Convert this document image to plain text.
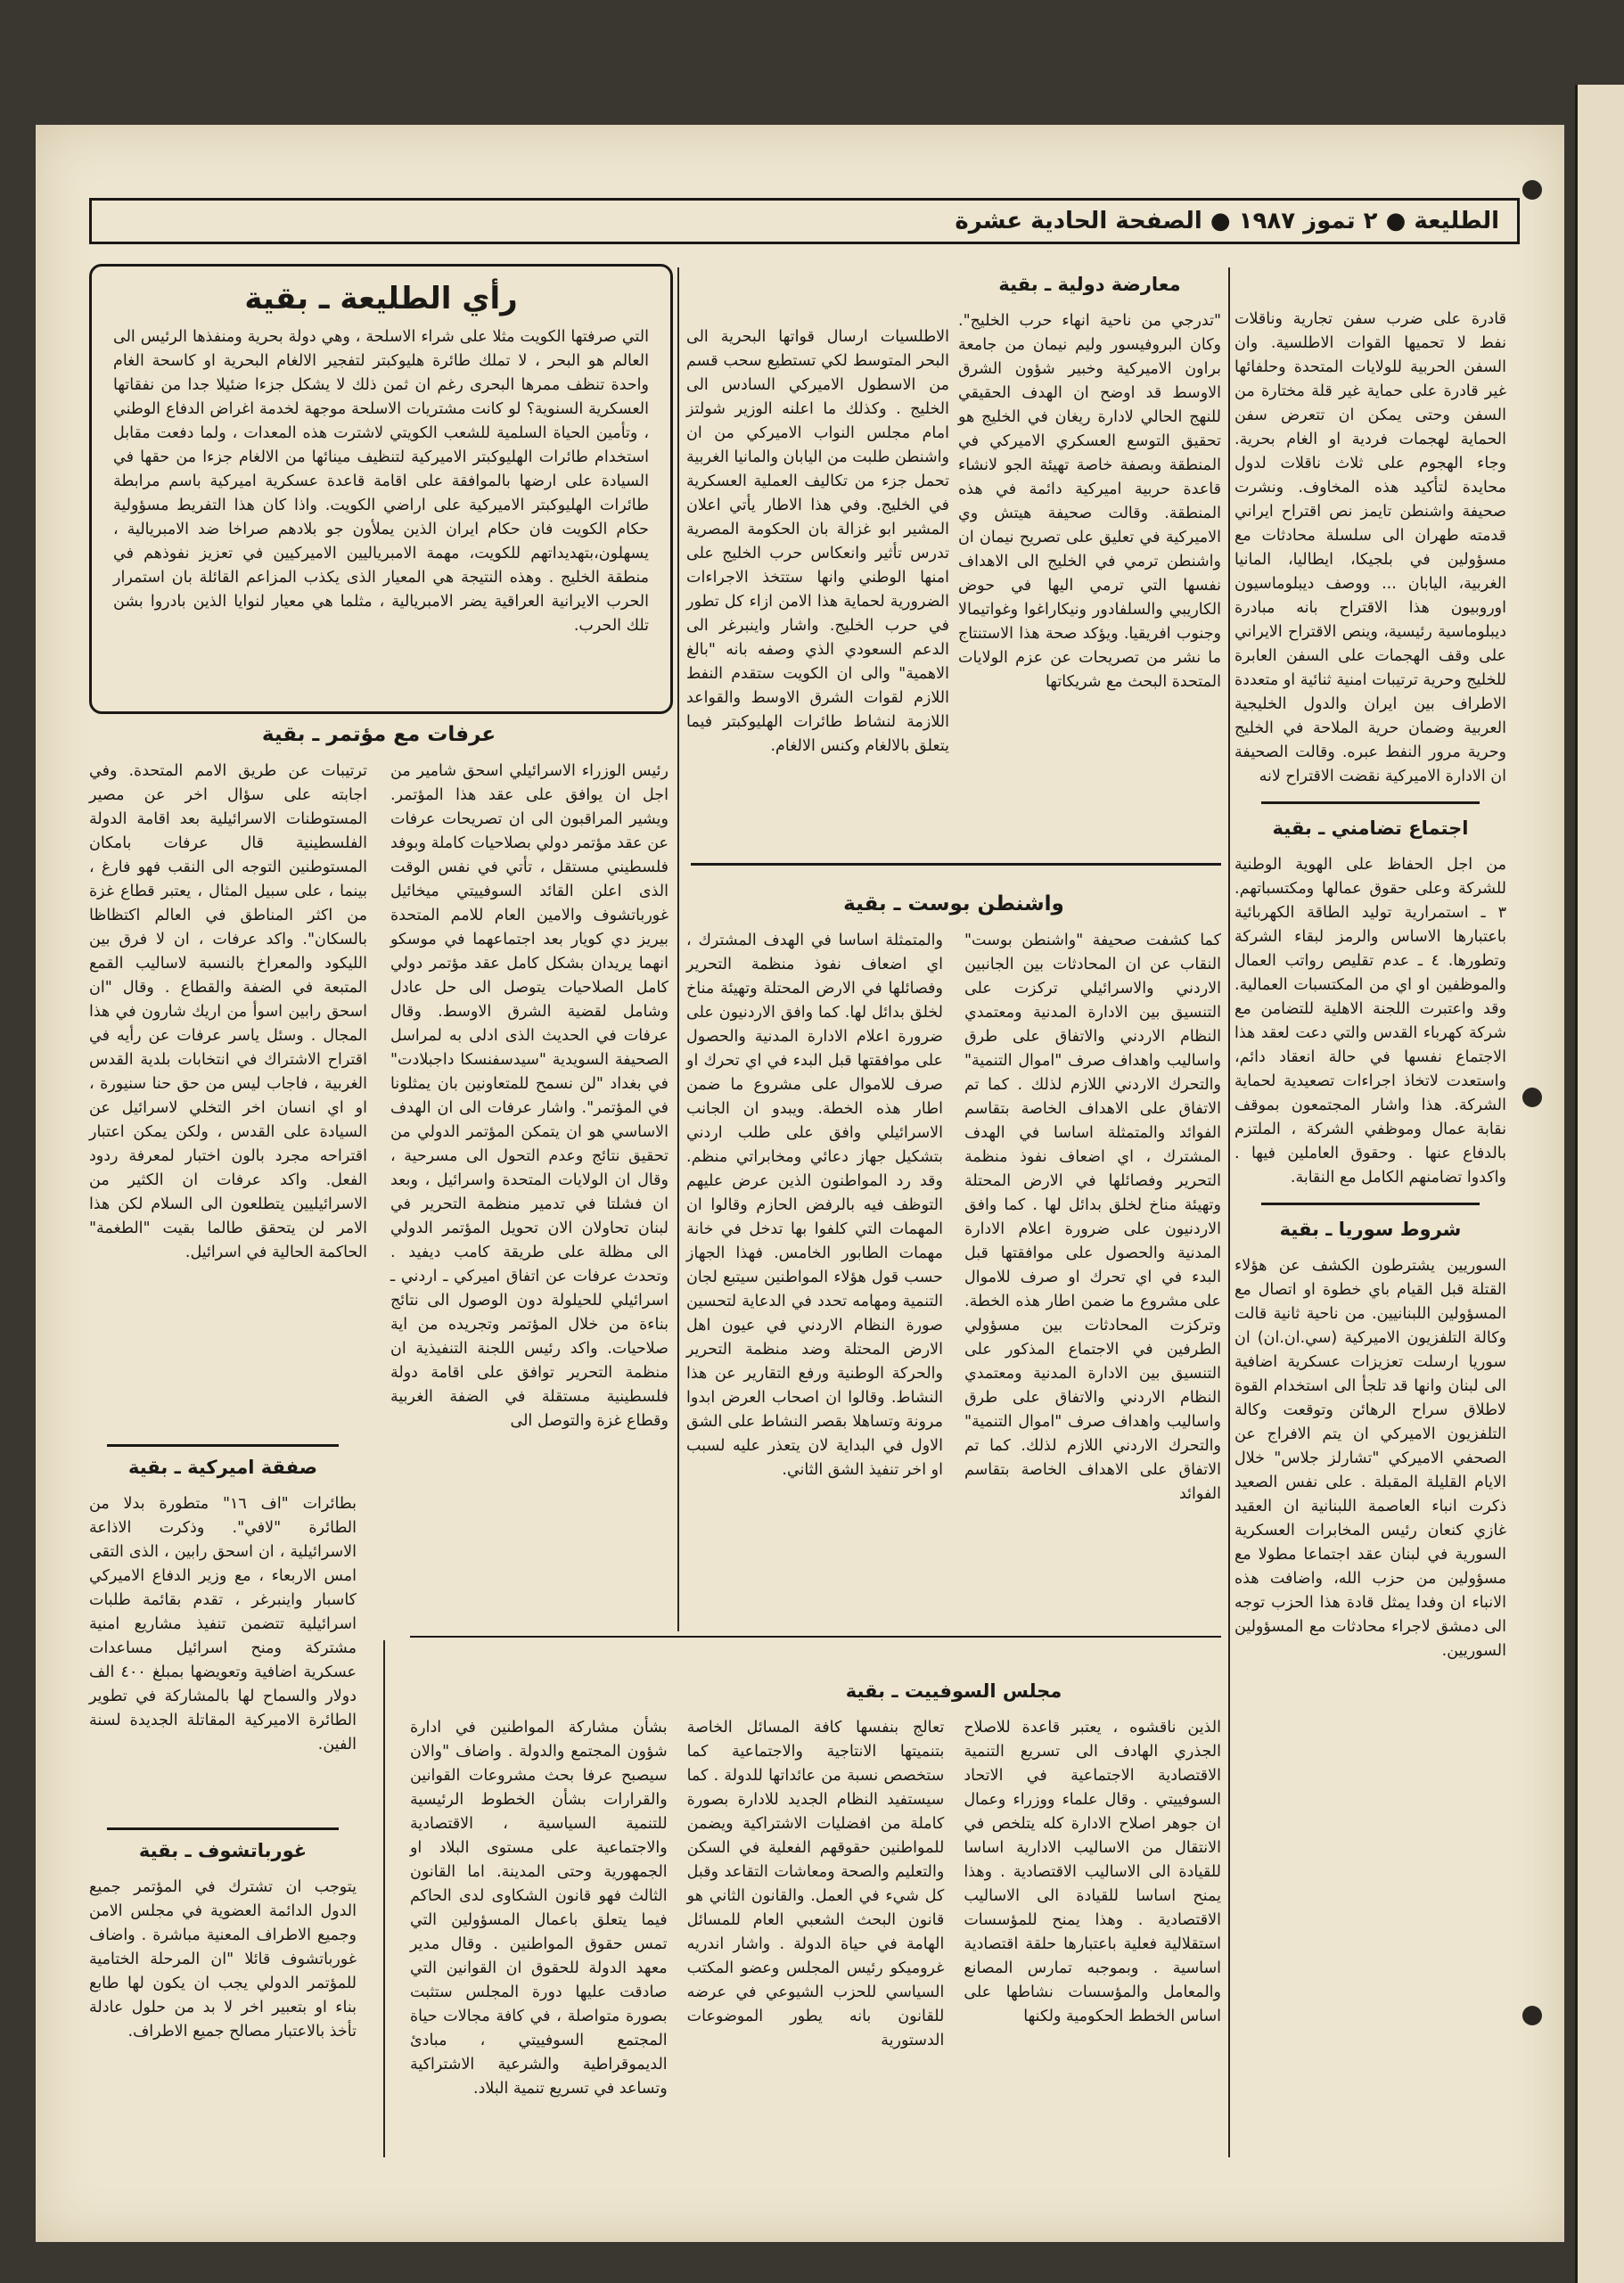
الطليعة ● ٢ تموز ١٩٨٧ ● الصفحة الحادية عشرة
رأي الطليعة ـ بقية

التي صرفتها الكويت مثلا على شراء الاسلحة ، وهي دولة بحرية ومنفذها الرئيس الى العالم هو البحر ، لا تملك طائرة هليوكبتر لتفجير الالغام البحرية او كاسحة الغام واحدة تنظف ممرها البحرى رغم ان ثمن ذلك لا يشكل جزءا ضئيلا جدا من نفقاتها العسكرية السنوية؟ لو كانت مشتريات الاسلحة موجهة لخدمة اغراض الدفاع الوطني ، وتأمين الحياة السلمية للشعب الكويتي لاشترت هذه المعدات ، ولما دفعت مقابل استخدام طائرات الهليوكبتر الاميركية لتنظيف مينائها من الالغام جزءا من حقها في السيادة على ارضها بالموافقة على اقامة قاعدة عسكرية اميركية باسم مرابطة طائرات الهليوكبتر الاميركية على اراضي الكويت. واذا كان هذا التفريط مسؤولية حكام الكويت فان حكام ايران الذين يملأون جو بلادهم صراخا ضد الامبريالية ، يسهلون،بتهديداتهم للكويت، مهمة الامبرياليين الاميركيين في تعزيز نفوذهم في منطقة الخليج . وهذه النتيجة هي المعيار الذى يكذب المزاعم القائلة بان استمرار الحرب الايرانية العراقية يضر الامبريالية ، مثلما هي معيار لنوايا الذين بادروا بشن تلك الحرب.

قادرة على ضرب سفن تجارية وناقلات نفط لا تحميها القوات الاطلسية. وان السفن الحربية للولايات المتحدة وحلفائها غير قادرة على حماية غير قلة مختارة من السفن وحتى يمكن ان تتعرض سفن الحماية لهجمات فردية او الغام بحرية. وجاء الهجوم على ثلاث ناقلات لدول محايدة لتأكيد هذه المخاوف. ونشرت صحيفة واشنطن تايمز نص اقتراح ايراني قدمته طهران الى سلسلة محادثات مع مسؤولين في بلجيكا، ايطاليا، المانيا الغربية، اليابان ... ووصف ديبلوماسيون اوروبيون هذا الاقتراح بانه مبادرة ديبلوماسية رئيسية، وينص الاقتراح الايراني على وقف الهجمات على السفن العابرة للخليج وحرية ترتيبات امنية ثنائية او متعددة الاطراف بين ايران والدول الخليجية العربية وضمان حرية الملاحة في الخليج وحرية مرور النفط عبره. وقالت الصحيفة ان الادارة الاميركية نقضت الاقتراح لانه

اجتماع تضامني ـ بقية

من اجل الحفاظ على الهوية الوطنية للشركة وعلى حقوق عمالها ومكتسباتهم. ٣ ـ استمرارية توليد الطاقة الكهربائية باعتبارها الاساس والرمز لبقاء الشركة وتطورها. ٤ ـ عدم تقليص رواتب العمال والموظفين او اي من المكتسبات العمالية. وقد واعتبرت اللجنة الاهلية للتضامن مع شركة كهرباء القدس والتي دعت لعقد هذا الاجتماع نفسها في حالة انعقاد دائم، واستعدت لاتخاذ اجراءات تصعيدية لحماية الشركة. هذا واشار المجتمعون بموقف نقابة عمال وموظفي الشركة ، الملتزم بالدفاع عنها . وحقوق العاملين فيها . واكدوا تضامنهم الكامل مع النقابة.

شروط سوريا ـ بقية

السوريين يشترطون الكشف عن هؤلاء القتلة قبل القيام باي خطوة او اتصال مع المسؤولين اللبنانيين. من ناحية ثانية قالت وكالة التلفزيون الاميركية (سي.ان.ان) ان سوريا ارسلت تعزيزات عسكرية اضافية الى لبنان وانها قد تلجأ الى استخدام القوة لاطلاق سراح الرهائن وتوقعت وكالة التلفزيون الاميركي ان يتم الافراج عن الصحفي الاميركي "تشارلز جلاس" خلال الايام القليلة المقبلة . على نفس الصعيد ذكرت انباء العاصمة اللبنانية ان العقيد غازي كنعان رئيس المخابرات العسكرية السورية في لبنان عقد اجتماعا مطولا مع مسؤولين من حزب الله، واضافت هذه الانباء ان وفدا يمثل قادة هذا الحزب توجه الى دمشق لاجراء محادثات مع المسؤولين السوريين.

معارضة دولية ـ بقية

"تدرجي من ناحية انهاء حرب الخليج". وكان البروفيسور وليم نيمان من جامعة براون الاميركية وخبير شؤون الشرق الاوسط قد اوضح ان الهدف الحقيقي للنهج الحالي لادارة ريغان في الخليج هو تحقيق التوسع العسكري الاميركي في المنطقة وبصفة خاصة تهيئة الجو لانشاء قاعدة حربية اميركية دائمة في هذه المنطقة. وقالت صحيفة هيتش وي الاميركية في تعليق على تصريح نيمان ان واشنطن ترمي في الخليج الى الاهداف نفسها التي ترمي اليها في حوض الكاريبي والسلفادور ونيكاراغوا وغواتيمالا وجنوب افريقيا. ويؤكد صحة هذا الاستنتاج ما نشر من تصريحات عن عزم الولايات المتحدة البحث مع شريكاتها

الاطلسيات ارسال قواتها البحرية الى البحر المتوسط لكي تستطيع سحب قسم من الاسطول الاميركي السادس الى الخليج . وكذلك ما اعلنه الوزير شولتز امام مجلس النواب الاميركي من ان واشنطن طلبت من اليابان والمانيا الغربية تحمل جزء من تكاليف العملية العسكرية في الخليج. وفي هذا الاطار يأتي اعلان المشير ابو غزالة بان الحكومة المصرية تدرس تأثير وانعكاس حرب الخليج على امنها الوطني وانها ستتخذ الاجراءات الضرورية لحماية هذا الامن ازاء كل تطور في حرب الخليج. واشار واينبرغر الى الدعم السعودي الذي وصفه بانه "بالغ الاهمية" والى ان الكويت ستقدم النفط اللازم لقوات الشرق الاوسط والقواعد اللازمة لنشاط طائرات الهليوكبتر فيما يتعلق بالالغام وكنس الالغام.

واشنطن بوست ـ بقية

كما كشفت صحيفة "واشنطن بوست" النقاب عن ان المحادثات بين الجانبين الاردني والاسرائيلي تركزت على التنسيق بين الادارة المدنية ومعتمدي النظام الاردني والاتفاق على طرق واساليب واهداف صرف "اموال التنمية" والتحرك الاردني اللازم لذلك . كما تم الاتفاق على الاهداف الخاصة بتقاسم الفوائد والمتمثلة اساسا في الهدف المشترك ، اي اضعاف نفوذ منظمة التحرير وفصائلها في الارض المحتلة وتهيئة مناخ لخلق بدائل لها . كما وافق الاردنيون على ضرورة اعلام الادارة المدنية والحصول على موافقتها قبل البدء في اي تحرك او صرف للاموال على مشروع ما ضمن اطار هذه الخطة. وتركزت المحادثات بين مسؤولي الطرفين في الاجتماع المذكور على التنسيق بين الادارة المدنية ومعتمدي النظام الاردني والاتفاق على طرق واساليب واهداف صرف "اموال التنمية" والتحرك الاردني اللازم لذلك. كما تم الاتفاق على الاهداف الخاصة بتقاسم الفوائد

والمتمثلة اساسا في الهدف المشترك ، اي اضعاف نفوذ منظمة التحرير وفصائلها في الارض المحتلة وتهيئة مناخ لخلق بدائل لها. كما وافق الاردنيون على ضرورة اعلام الادارة المدنية والحصول على موافقتها قبل البدء في اي تحرك او صرف للاموال على مشروع ما ضمن اطار هذه الخطة. ويبدو ان الجانب الاسرائيلي وافق على طلب اردني بتشكيل جهاز دعائي ومخابراتي منظم. وقد رد المواطنون الذين عرض عليهم التوظف فيه بالرفض الحازم وقالوا ان المهمات التي كلفوا بها تدخل في خانة مهمات الطابور الخامس. فهذا الجهاز حسب قول هؤلاء المواطنين سيتبع لجان التنمية ومهامه تحدد في الدعاية لتحسين صورة النظام الاردني في عيون اهل الارض المحتلة وضد منظمة التحرير والحركة الوطنية ورفع التقارير عن هذا النشاط. وقالوا ان اصحاب العرض ابدوا مرونة وتساهلا بقصر النشاط على الشق الاول في البداية لان يتعذر عليه لسبب او اخر تنفيذ الشق الثاني.

مجلس السوفييت ـ بقية

الذين ناقشوه ، يعتبر قاعدة للاصلاح الجذري الهادف الى تسريع التنمية الاقتصادية الاجتماعية في الاتحاد السوفييتي . وقال علماء ووزراء وعمال ان جوهر اصلاح الادارة كله يتلخص في الانتقال من الاساليب الادارية اساسا للقيادة الى الاساليب الاقتصادية . وهذا يمنح اساسا للقيادة الى الاساليب الاقتصادية . وهذا يمنح للمؤسسات استقلالية فعلية باعتبارها حلقة اقتصادية اساسية . وبموجبه تمارس المصانع والمعامل والمؤسسات نشاطها على اساس الخطط الحكومية ولكنها

تعالج بنفسها كافة المسائل الخاصة بتنميتها الانتاجية والاجتماعية كما ستخصص نسبة من عائداتها للدولة . كما سيستفيد النظام الجديد للادارة بصورة كاملة من افضليات الاشتراكية ويضمن للمواطنين حقوقهم الفعلية في السكن والتعليم والصحة ومعاشات التقاعد وقبل كل شيء في العمل. والقانون الثاني هو قانون البحث الشعبي العام للمسائل الهامة في حياة الدولة . واشار اندريه غروميكو رئيس المجلس وعضو المكتب السياسي للحزب الشيوعي في عرضه للقانون بانه يطور الموضوعات الدستورية

بشأن مشاركة المواطنين في ادارة شؤون المجتمع والدولة . واضاف "والان سيصبح عرفا بحث مشروعات القوانين والقرارات بشأن الخطوط الرئيسية للتنمية السياسية ، الاقتصادية والاجتماعية على مستوى البلاد او الجمهورية وحتى المدينة. اما القانون الثالث فهو قانون الشكاوى لدى الحاكم فيما يتعلق باعمال المسؤولين التي تمس حقوق المواطنين . وقال مدير معهد الدولة للحقوق ان القوانين التي صادقت عليها دورة المجلس ستثبت بصورة متواصلة ، في كافة مجالات حياة المجتمع السوفييتي ، مبادئ الديموقراطية والشرعية الاشتراكية وتساعد في تسريع تنمية البلاد.

عرفات مع مؤتمر ـ بقية

رئيس الوزراء الاسرائيلي اسحق شامير من اجل ان يوافق على عقد هذا المؤتمر. ويشير المراقبون الى ان تصريحات عرفات عن عقد مؤتمر دولي بصلاحيات كاملة وبوفد فلسطيني مستقل ، تأتي في نفس الوقت الذى اعلن القائد السوفييتي ميخائيل غورباتشوف والامين العام للامم المتحدة بيريز دي كويار بعد اجتماعهما في موسكو انهما يريدان بشكل كامل عقد مؤتمر دولي كامل الصلاحيات يتوصل الى حل عادل وشامل لقضية الشرق الاوسط. وقال عرفات في الحديث الذى ادلى به لمراسل الصحيفة السويدية "سيدسفنسكا داجبلادت" في بغداد "لن نسمح للمتعاونين بان يمثلونا في المؤتمر". واشار عرفات الى ان الهدف الاساسي هو ان يتمكن المؤتمر الدولي من تحقيق نتائج وعدم التحول الى مسرحية ، وقال ان الولايات المتحدة واسرائيل ، وبعد ان فشلتا في تدمير منظمة التحرير في لبنان تحاولان الان تحويل المؤتمر الدولي الى مظلة على طريقة كامب ديفيد . وتحدث عرفات عن اتفاق اميركي ـ اردني ـ اسرائيلي للحيلولة دون الوصول الى نتائج بناءة من خلال المؤتمر وتجريده من اية صلاحيات. واكد رئيس اللجنة التنفيذية ان منظمة التحرير توافق على اقامة دولة فلسطينية مستقلة في الضفة الغربية وقطاع غزة والتوصل الى

ترتيبات عن طريق الامم المتحدة. وفي اجابته على سؤال اخر عن مصير المستوطنات الاسرائيلية بعد اقامة الدولة الفلسطينية قال عرفات بامكان المستوطنين التوجه الى النقب فهو فارغ ، بينما ، على سبيل المثال ، يعتبر قطاع غزة من اكثر المناطق في العالم اكتظاظا بالسكان". واكد عرفات ، ان لا فرق بين الليكود والمعراخ بالنسبة لاساليب القمع المتبعة في الضفة والقطاع . وقال "ان اسحق رابين اسوأ من اريك شارون في هذا المجال . وسئل ياسر عرفات عن رأيه في اقتراح الاشتراك في انتخابات بلدية القدس الغربية ، فاجاب ليس من حق حنا سنيورة ، او اي انسان اخر التخلي لاسرائيل عن السيادة على القدس ، ولكن يمكن اعتبار اقتراحه مجرد بالون اختبار لمعرفة ردود الفعل. واكد عرفات ان الكثير من الاسرائيليين يتطلعون الى السلام لكن هذا الامر لن يتحقق طالما بقيت "الطغمة" الحاكمة الحالية في اسرائيل.

صفقة اميركية ـ بقية

بطائرات "اف ١٦" متطورة بدلا من الطائرة "لافي". وذكرت الاذاعة الاسرائيلية ، ان اسحق رابين ، الذى التقى امس الاربعاء ، مع وزير الدفاع الاميركي كاسبار واينبرغر ، تقدم بقائمة طلبات اسرائيلية تتضمن تنفيذ مشاريع امنية مشتركة ومنح اسرائيل مساعدات عسكرية اضافية وتعويضها بمبلغ ٤٠٠ الف دولار والسماح لها بالمشاركة في تطوير الطائرة الاميركية المقاتلة الجديدة لسنة الفين.

غورباتشوف ـ بقية

يتوجب ان تشترك في المؤتمر جميع الدول الدائمة العضوية في مجلس الامن وجميع الاطراف المعنية مباشرة . واضاف غورباتشوف قائلا "ان المرحلة الختامية للمؤتمر الدولي يجب ان يكون لها طابع بناء او بتعبير اخر لا بد من حلول عادلة تأخذ بالاعتبار مصالح جميع الاطراف.
